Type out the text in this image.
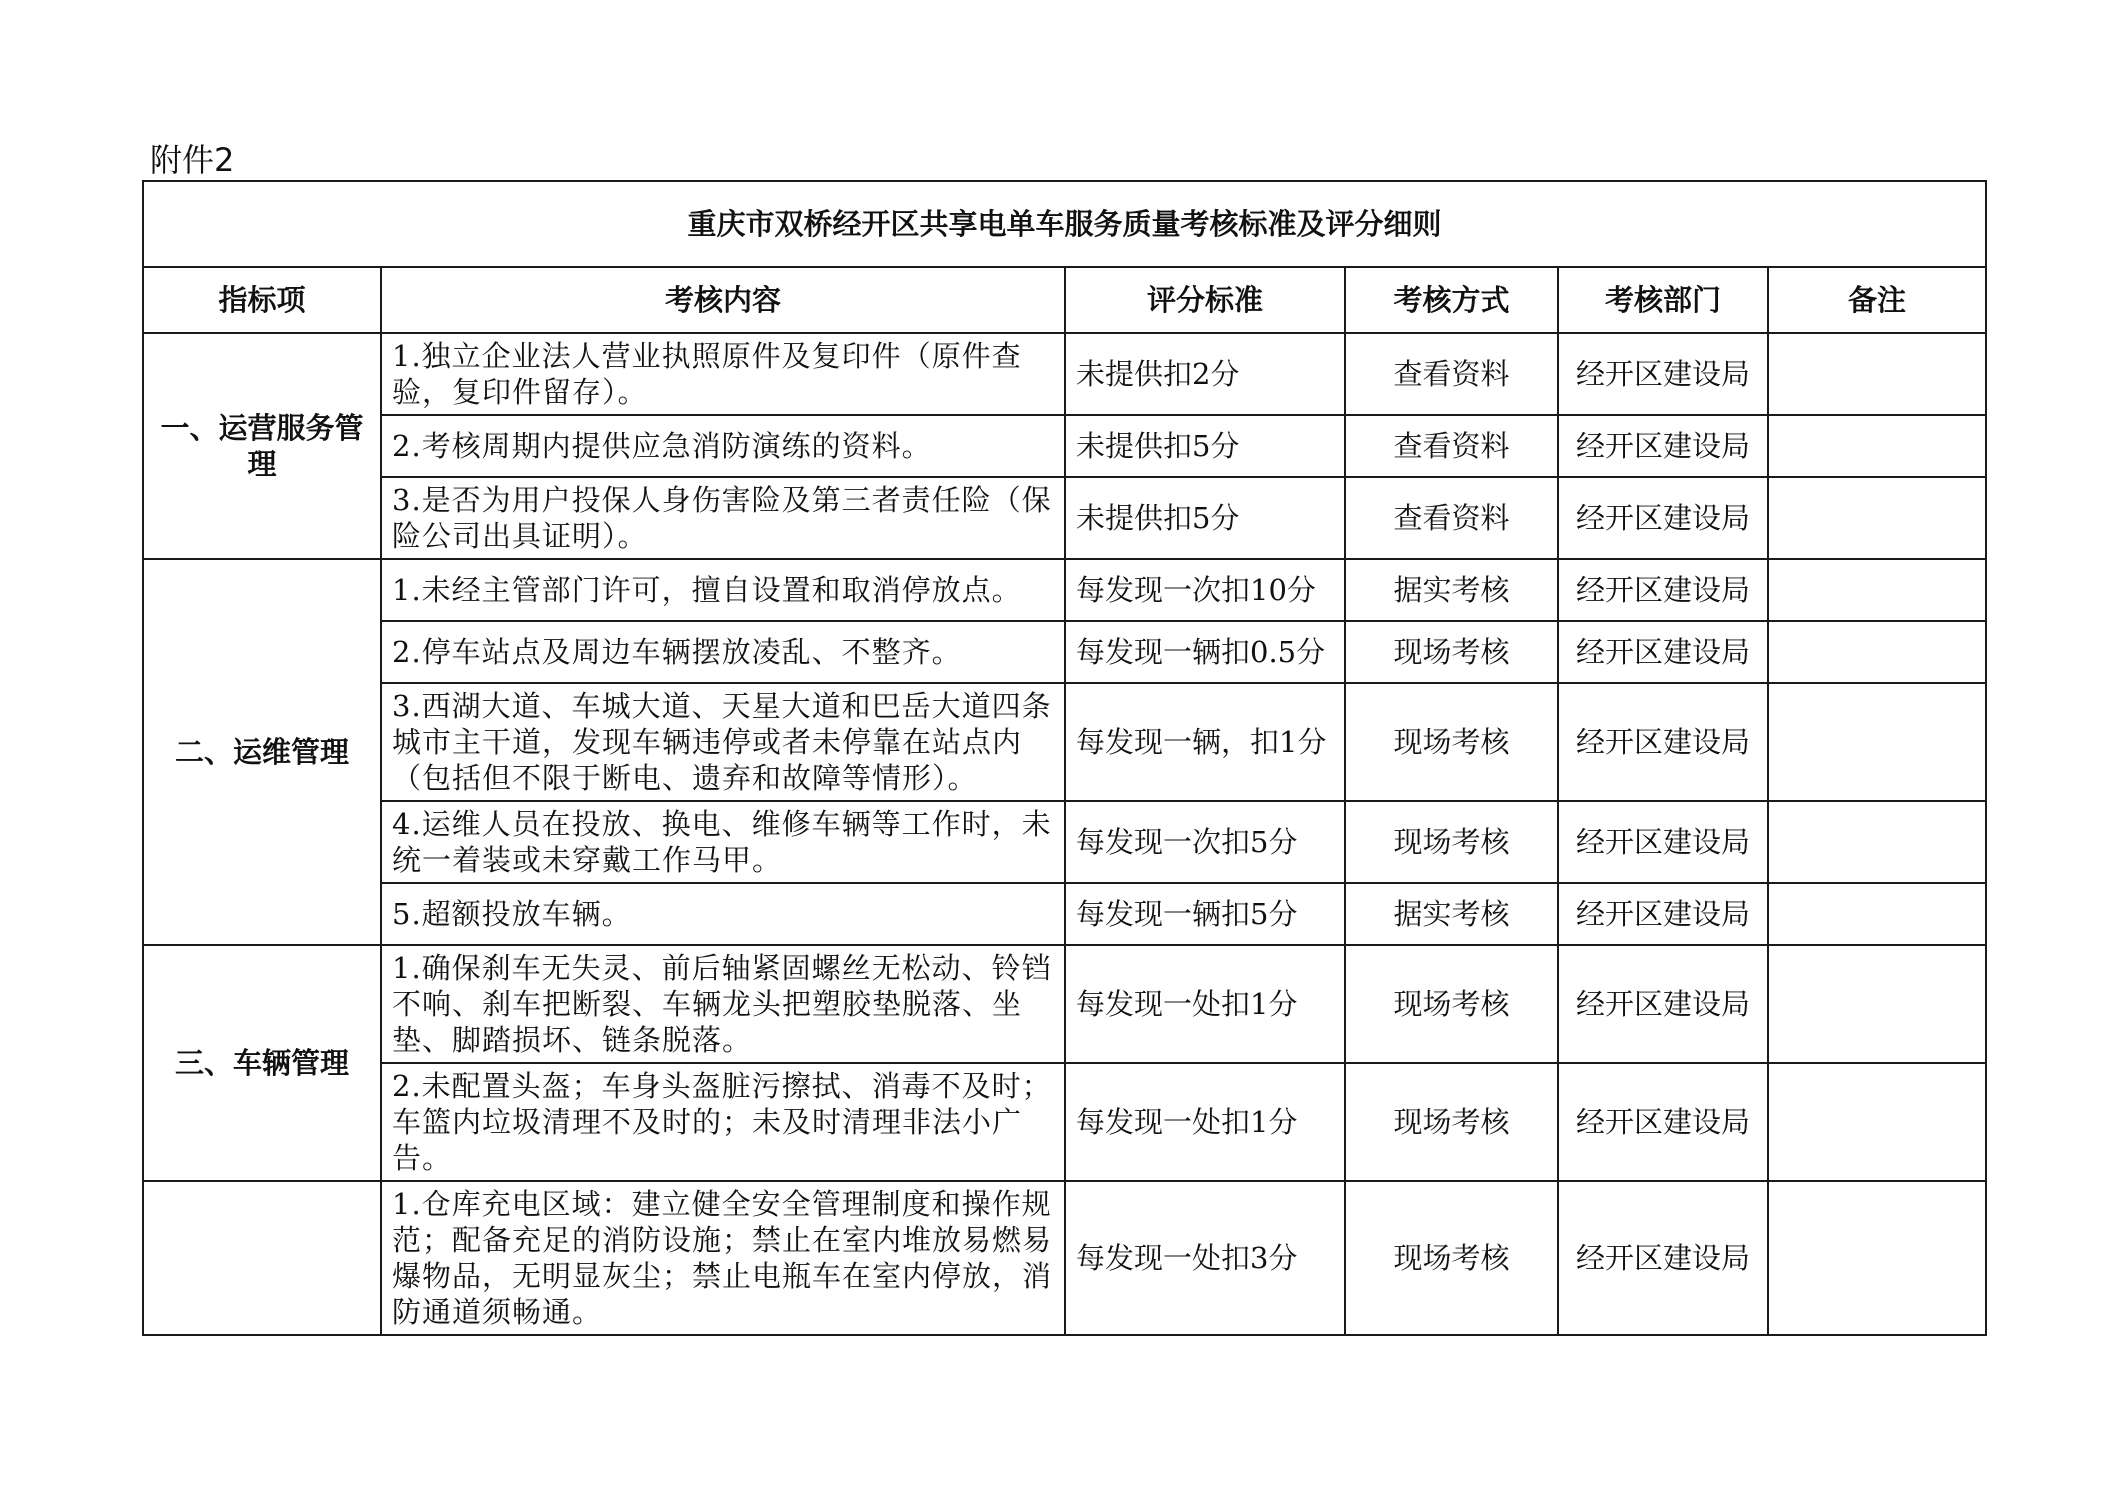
附件2
重庆市双桥经开区共享电单车服务质量考核标准及评分细则					
指标项	考核内容	评分标准	考核方式	考核部门	备注
一、运营服务管理	1.独立企业法人营业执照原件及复印件（原件查验，复印件留存）。	未提供扣2分	查看资料	经开区建设局	
	2.考核周期内提供应急消防演练的资料。	未提供扣5分	查看资料	经开区建设局	
	3.是否为用户投保人身伤害险及第三者责任险（保险公司出具证明）。	未提供扣5分	查看资料	经开区建设局	
二、运维管理	1.未经主管部门许可，擅自设置和取消停放点。	每发现一次扣10分	据实考核	经开区建设局	
	2.停车站点及周边车辆摆放凌乱、不整齐。	每发现一辆扣0.5分	现场考核	经开区建设局	
	3.西湖大道、车城大道、天星大道和巴岳大道四条城市主干道，发现车辆违停或者未停靠在站点内（包括但不限于断电、遗弃和故障等情形）。	每发现一辆，扣1分	现场考核	经开区建设局	
	4.运维人员在投放、换电、维修车辆等工作时，未统一着装或未穿戴工作马甲。	每发现一次扣5分	现场考核	经开区建设局	
	5.超额投放车辆。	每发现一辆扣5分	据实考核	经开区建设局	
三、车辆管理	1.确保刹车无失灵、前后轴紧固螺丝无松动、铃铛不响、刹车把断裂、车辆龙头把塑胶垫脱落、坐垫、脚踏损坏、链条脱落。	每发现一处扣1分	现场考核	经开区建设局	
	2.未配置头盔；车身头盔脏污擦拭、消毒不及时；车篮内垃圾清理不及时的；未及时清理非法小广告。	每发现一处扣1分	现场考核	经开区建设局	
	1.仓库充电区域：建立健全安全管理制度和操作规范；配备充足的消防设施；禁止在室内堆放易燃易爆物品，无明显灰尘；禁止电瓶车在室内停放，消防通道须畅通。	每发现一处扣3分	现场考核	经开区建设局	
